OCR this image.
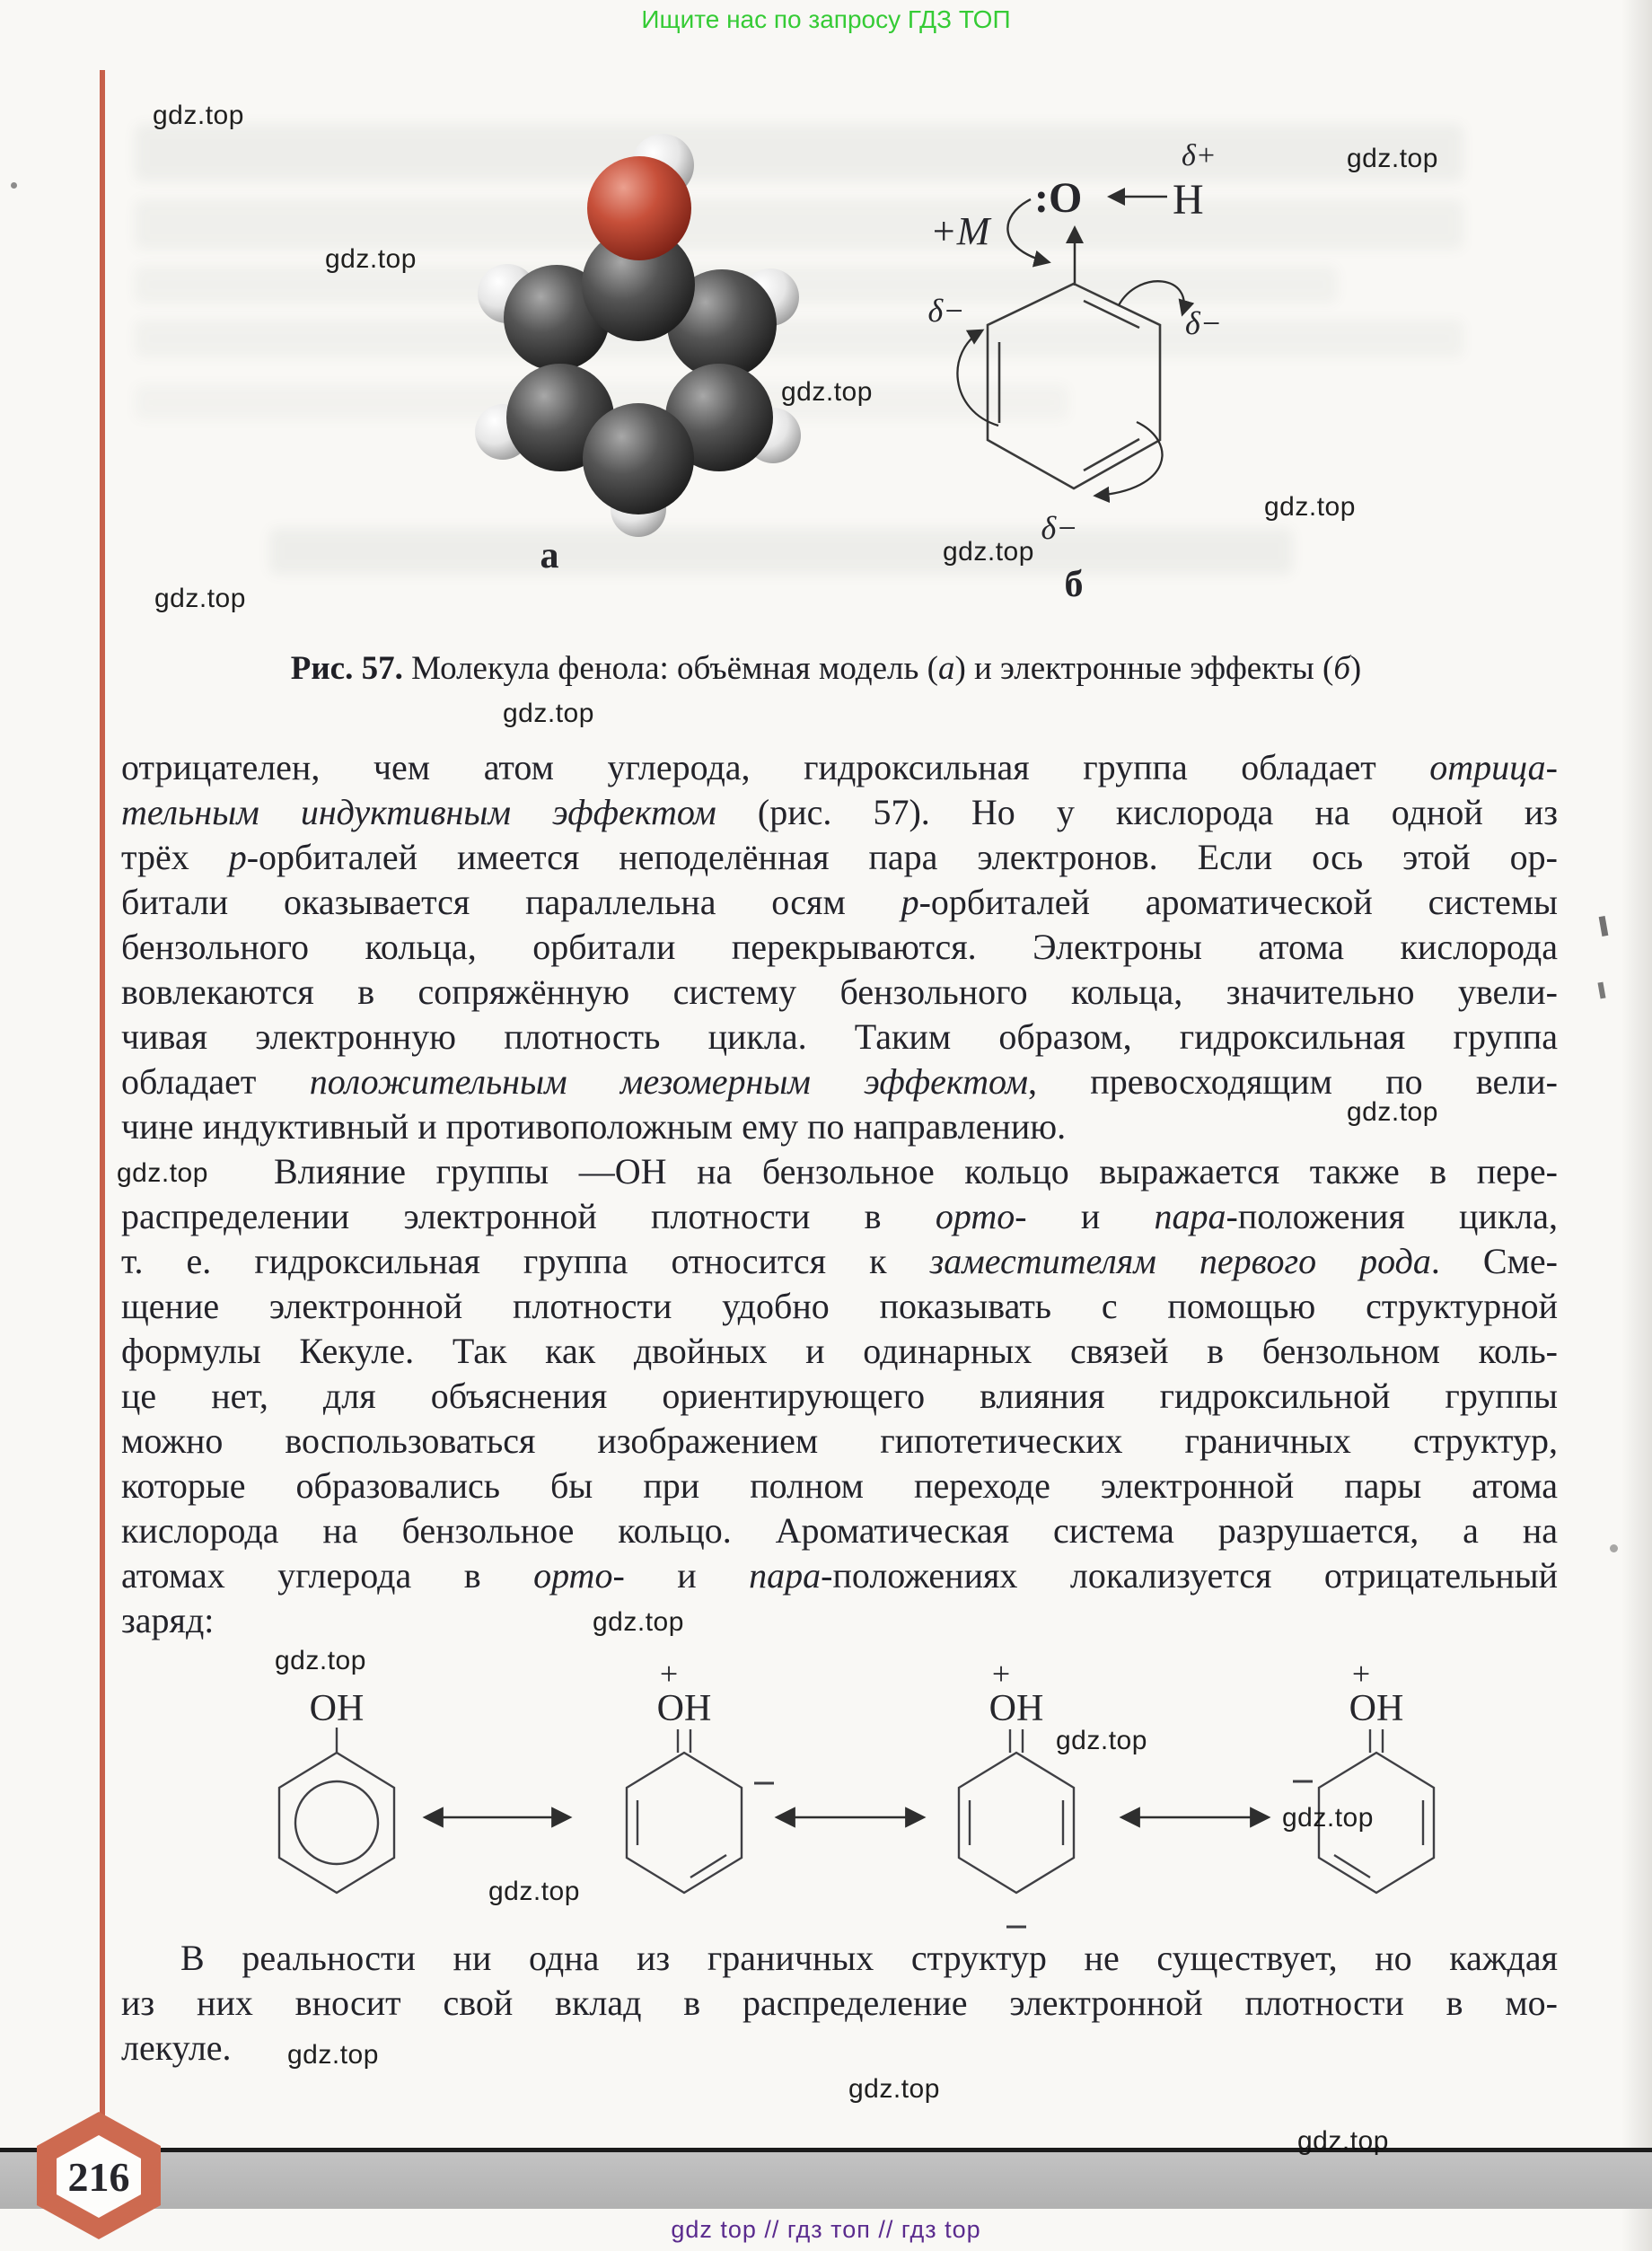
Ищите нас по запросу ГДЗ ТОП
а
:O H
δ+
+M
δ−	δ−
δ−
б
Рис. 57. Молекула фенола: объёмная модель (а) и электронные эффекты (б)
отрицателен, чем атом углерода, гидроксильная группа обладает отрица-
тельным индуктивным эффектом (рис. 57). Но у кислорода на одной из
трёх р-орбиталей имеется неподелённая пара электронов. Если ось этой ор-
битали оказывается параллельна осям р-орбиталей ароматической системы
бензольного кольца, орбитали перекрываются. Электроны атома кислорода
вовлекаются в сопряжённую систему бензольного кольца, значительно увели-
чивая электронную плотность цикла. Таким образом, гидроксильная группа
обладает положительным мезомерным эффектом, превосходящим по вели-
чине индуктивный и противоположным ему по направлению.
Влияние группы —ОН на бензольное кольцо выражается также в пере-
распределении электронной плотности в орто- и пара-положения цикла,
т. е. гидроксильная группа относится к заместителям первого рода. Сме-
щение электронной плотности удобно показывать с помощью структурной
формулы Кекуле. Так как двойных и одинарных связей в бензольном коль-
це нет, для объяснения ориентирующего влияния гидроксильной группы
можно воспользоваться изображением гипотетических граничных структур,
которые образовались бы при полном переходе электронной пары атома
кислорода на бензольное кольцо. Ароматическая система разрушается, а на
атомах углерода в орто- и пара-положениях локализуется отрицательный
заряд:
В реальности ни одна из граничных структур не существует, но каждая
из них вносит свой вклад в распределение электронной плотности в мо-
лекуле.
OH
+
OH
+
OH
+
OH
216
gdz top // гдз топ // гдз top
gdz.top
gdz.top
gdz.top
gdz.top
gdz.top
gdz.top
gdz.top
gdz.top
gdz.top
gdz.top
gdz.top
gdz.top
gdz.top
gdz.top
gdz.top
gdz.top
gdz.top
gdz.top
